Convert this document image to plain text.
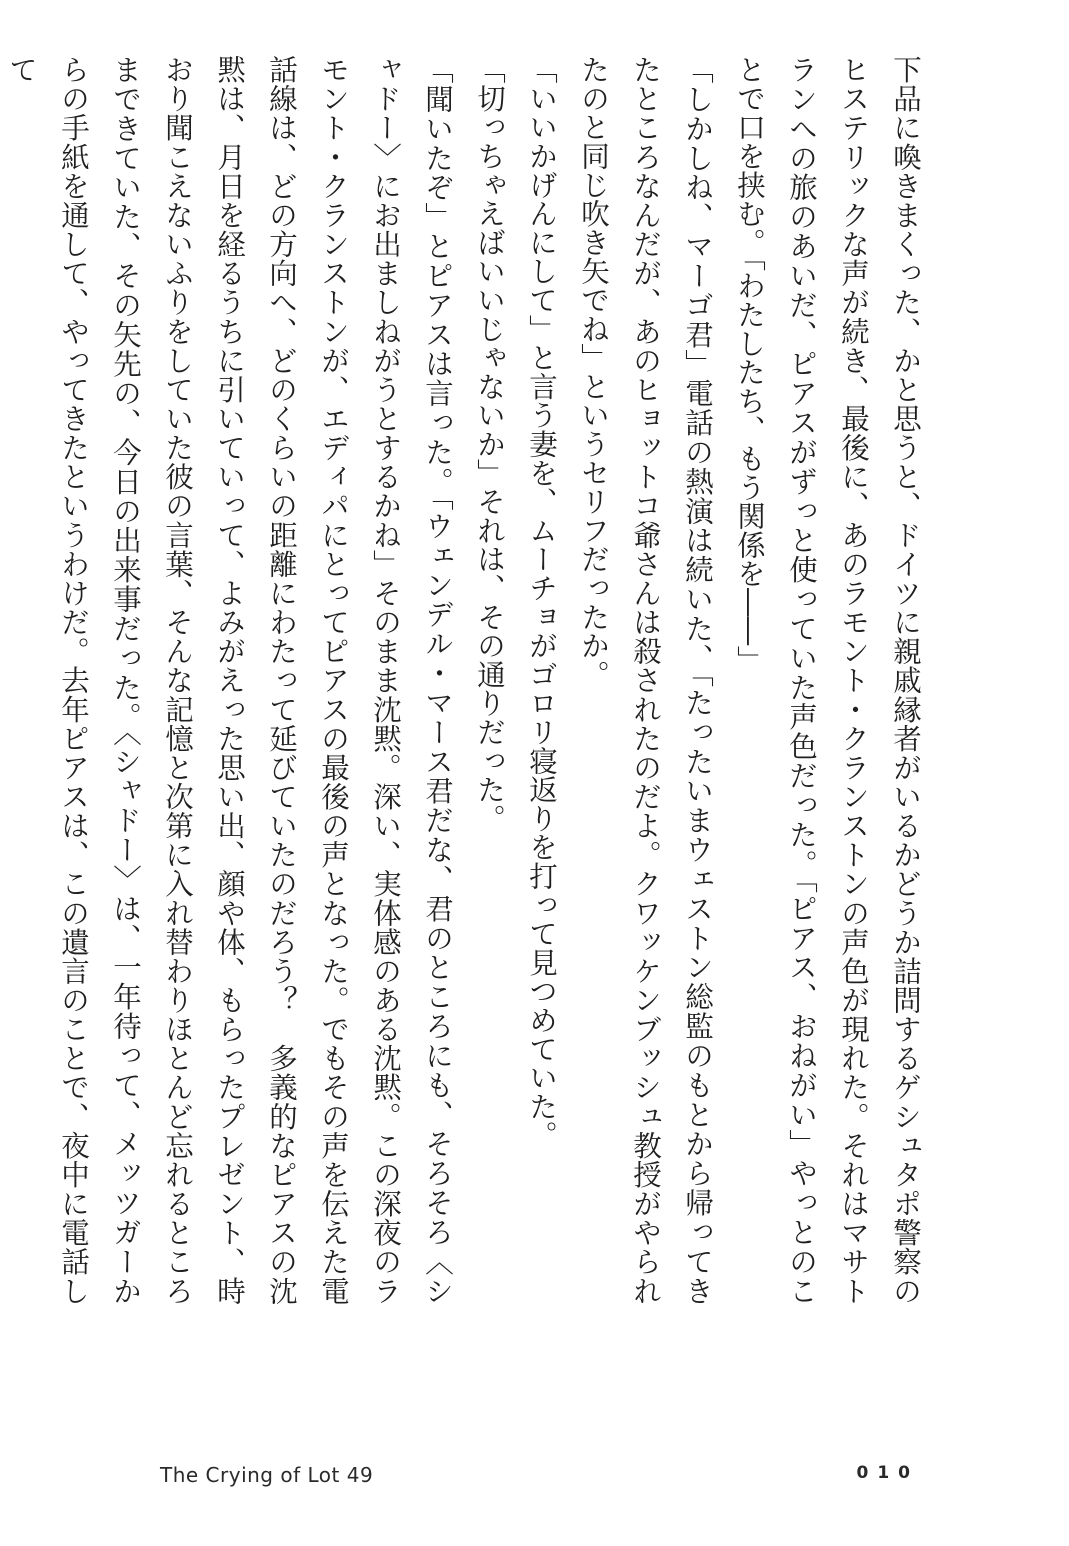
下品に喚きまくった、かと思うと、ドイツに親戚縁者がいるかどうか詰問するゲシュタポ警察のヒステリックな声が続き、最後に、あのラモント・クランストンの声色が現れた。それはマサトランへの旅のあいだ、ピアスがずっと使っていた声色だった。「ピアス、おねがい」やっとのことで口を挟む。「わたしたち、もう関係を――」

「しかしね、マーゴ君」電話の熱演は続いた、「たったいまウェストン総監のもとから帰ってきたところなんだが、あのヒョットコ爺さんは殺されたのだよ。クワッケンブッシュ教授がやられたのと同じ吹き矢でね」というセリフだったか。

「いいかげんにして」と言う妻を、ムーチョがゴロリ寝返りを打って見つめていた。

「切っちゃえばいいじゃないか」それは、その通りだった。

「聞いたぞ」とピアスは言った。「ウェンデル・マース君だな、君のところにも、そろそろ〈シャドー〉にお出ましねがうとするかね」そのまま沈黙。深い、実体感のある沈黙。この深夜のラモント・クランストンが、エディパにとってピアスの最後の声となった。でもその声を伝えた電話線は、どの方向へ、どのくらいの距離にわたって延びていたのだろう？　多義的なピアスの沈黙は、月日を経るうちに引いていって、よみがえった思い出、顔や体、もらったプレゼント、時おり聞こえないふりをしていた彼の言葉、そんな記憶と次第に入れ替わりほとんど忘れるところまできていた、その矢先の、今日の出来事だった。〈シャドー〉は、一年待って、メッツガーからの手紙を通して、やってきたというわけだ。去年ピアスは、この遺言のことで、夜中に電話して

The Crying of Lot 49	010
